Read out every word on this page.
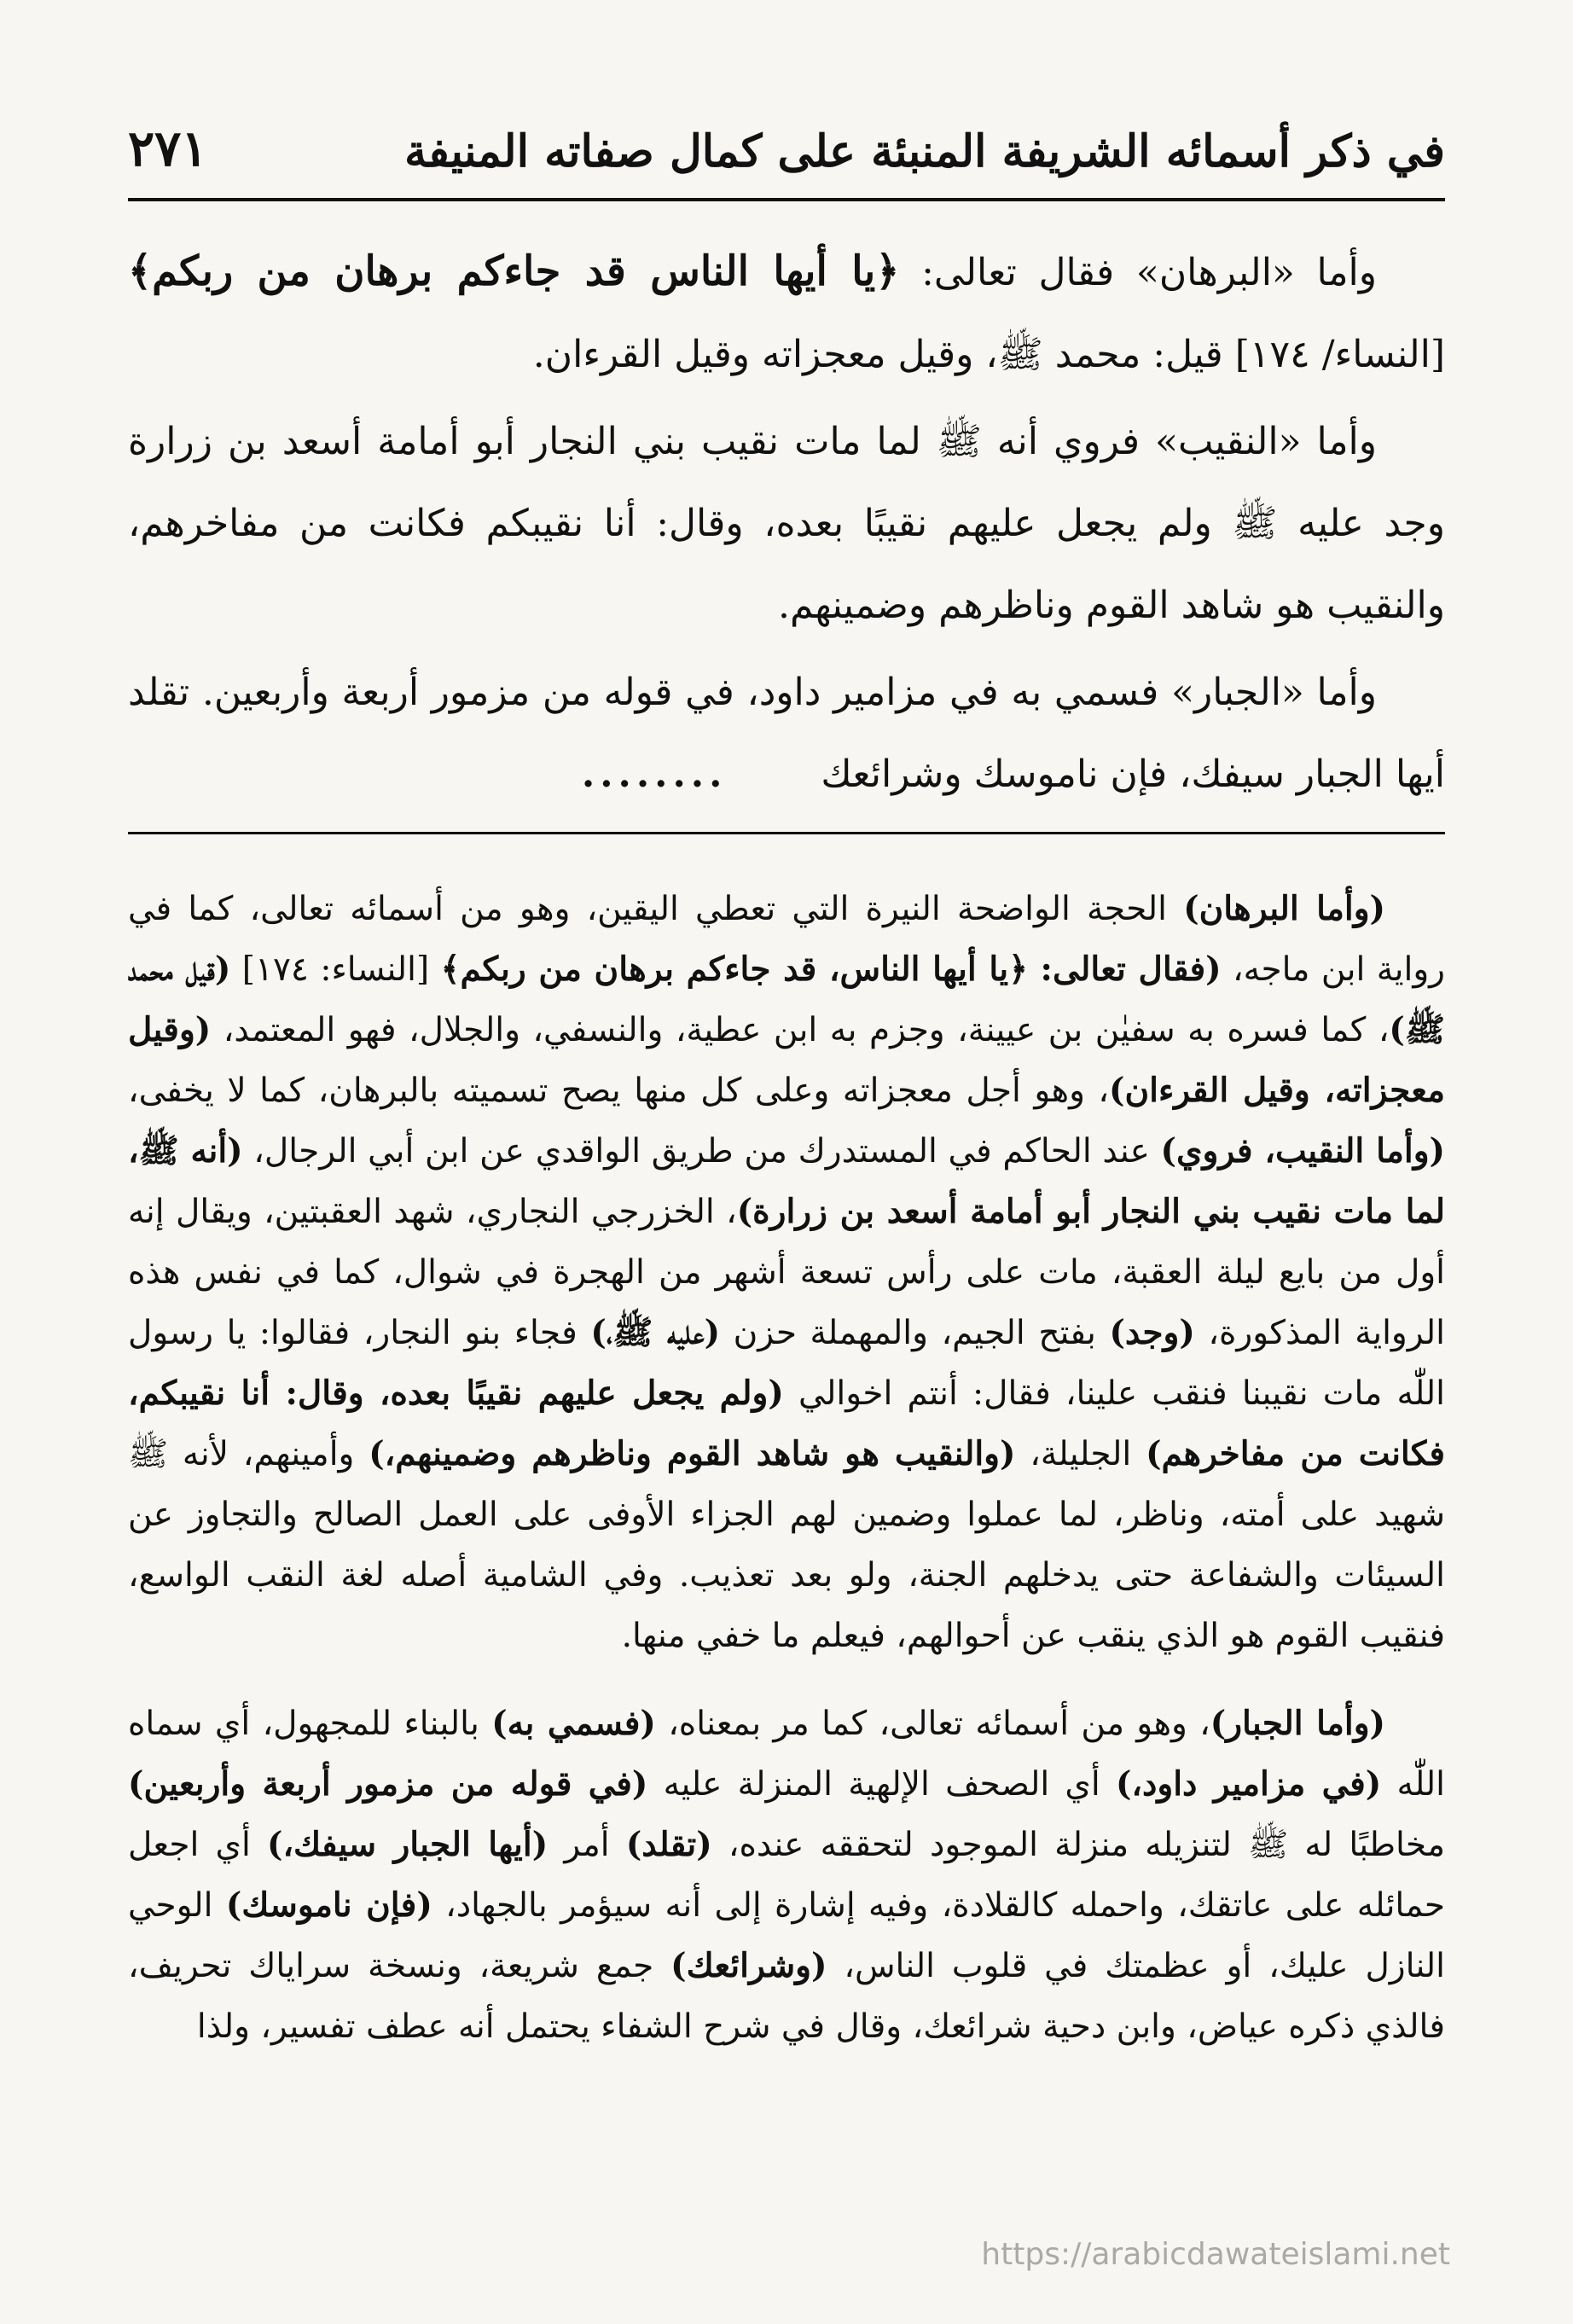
في ذكر أسمائه الشريفة المنبئة على كمال صفاته المنيفة
٢٧١

وأما «البرهان» فقال تعالى: ﴿يا أيها الناس قد جاءكم برهان من ربكم﴾ [النساء/ ١٧٤] قيل: محمد ﷺ، وقيل معجزاته وقيل القرءان.

وأما «النقيب» فروي أنه ﷺ لما مات نقيب بني النجار أبو أمامة أسعد بن زرارة وجد عليه ﷺ ولم يجعل عليهم نقيبًا بعده، وقال: أنا نقيبكم فكانت من مفاخرهم، والنقيب هو شاهد القوم وناظرهم وضمينهم.

وأما «الجبار» فسمي به في مزامير داود، في قوله من مزمور أربعة وأربعين. تقلد أيها الجبار سيفك، فإن ناموسك وشرائعك........

(وأما البرهان) الحجة الواضحة النيرة التي تعطي اليقين، وهو من أسمائه تعالى، كما في رواية ابن ماجه، (فقال تعالى: ﴿يا أيها الناس، قد جاءكم برهان من ربكم﴾ [النساء: ١٧٤] (قيل محمد ﷺ)، كما فسره به سفيٰن بن عيينة، وجزم به ابن عطية، والنسفي، والجلال، فهو المعتمد، (وقيل معجزاته، وقيل القرءان)، وهو أجل معجزاته وعلى كل منها يصح تسميته بالبرهان، كما لا يخفى، (وأما النقيب، فروي) عند الحاكم في المستدرك من طريق الواقدي عن ابن أبي الرجال، (أنه ﷺ، لما مات نقيب بني النجار أبو أمامة أسعد بن زرارة)، الخزرجي النجاري، شهد العقبتين، ويقال إنه أول من بايع ليلة العقبة، مات على رأس تسعة أشهر من الهجرة في شوال، كما في نفس هذه الرواية المذكورة، (وجد) بفتح الجيم، والمهملة حزن (عليه ﷺ،) فجاء بنو النجار، فقالوا: يا رسول اللّٰه مات نقيبنا فنقب علينا، فقال: أنتم اخوالي (ولم يجعل عليهم نقيبًا بعده، وقال: أنا نقيبكم، فكانت من مفاخرهم) الجليلة، (والنقيب هو شاهد القوم وناظرهم وضمينهم،) وأمينهم، لأنه ﷺ شهيد على أمته، وناظر، لما عملوا وضمين لهم الجزاء الأوفى على العمل الصالح والتجاوز عن السيئات والشفاعة حتى يدخلهم الجنة، ولو بعد تعذيب. وفي الشامية أصله لغة النقب الواسع، فنقيب القوم هو الذي ينقب عن أحوالهم، فيعلم ما خفي منها.

(وأما الجبار)، وهو من أسمائه تعالى، كما مر بمعناه، (فسمي به) بالبناء للمجهول، أي سماه اللّٰه (في مزامير داود،) أي الصحف الإلهية المنزلة عليه (في قوله من مزمور أربعة وأربعين) مخاطبًا له ﷺ لتنزيله منزلة الموجود لتحققه عنده، (تقلد) أمر (أيها الجبار سيفك،) أي اجعل حمائله على عاتقك، واحمله كالقلادة، وفيه إشارة إلى أنه سيؤمر بالجهاد، (فإن ناموسك) الوحي النازل عليك، أو عظمتك في قلوب الناس، (وشرائعك) جمع شريعة، ونسخة سراياك تحريف، فالذي ذكره عياض، وابن دحية شرائعك، وقال في شرح الشفاء يحتمل أنه عطف تفسير، ولذا

https://arabicdawateislami.net
